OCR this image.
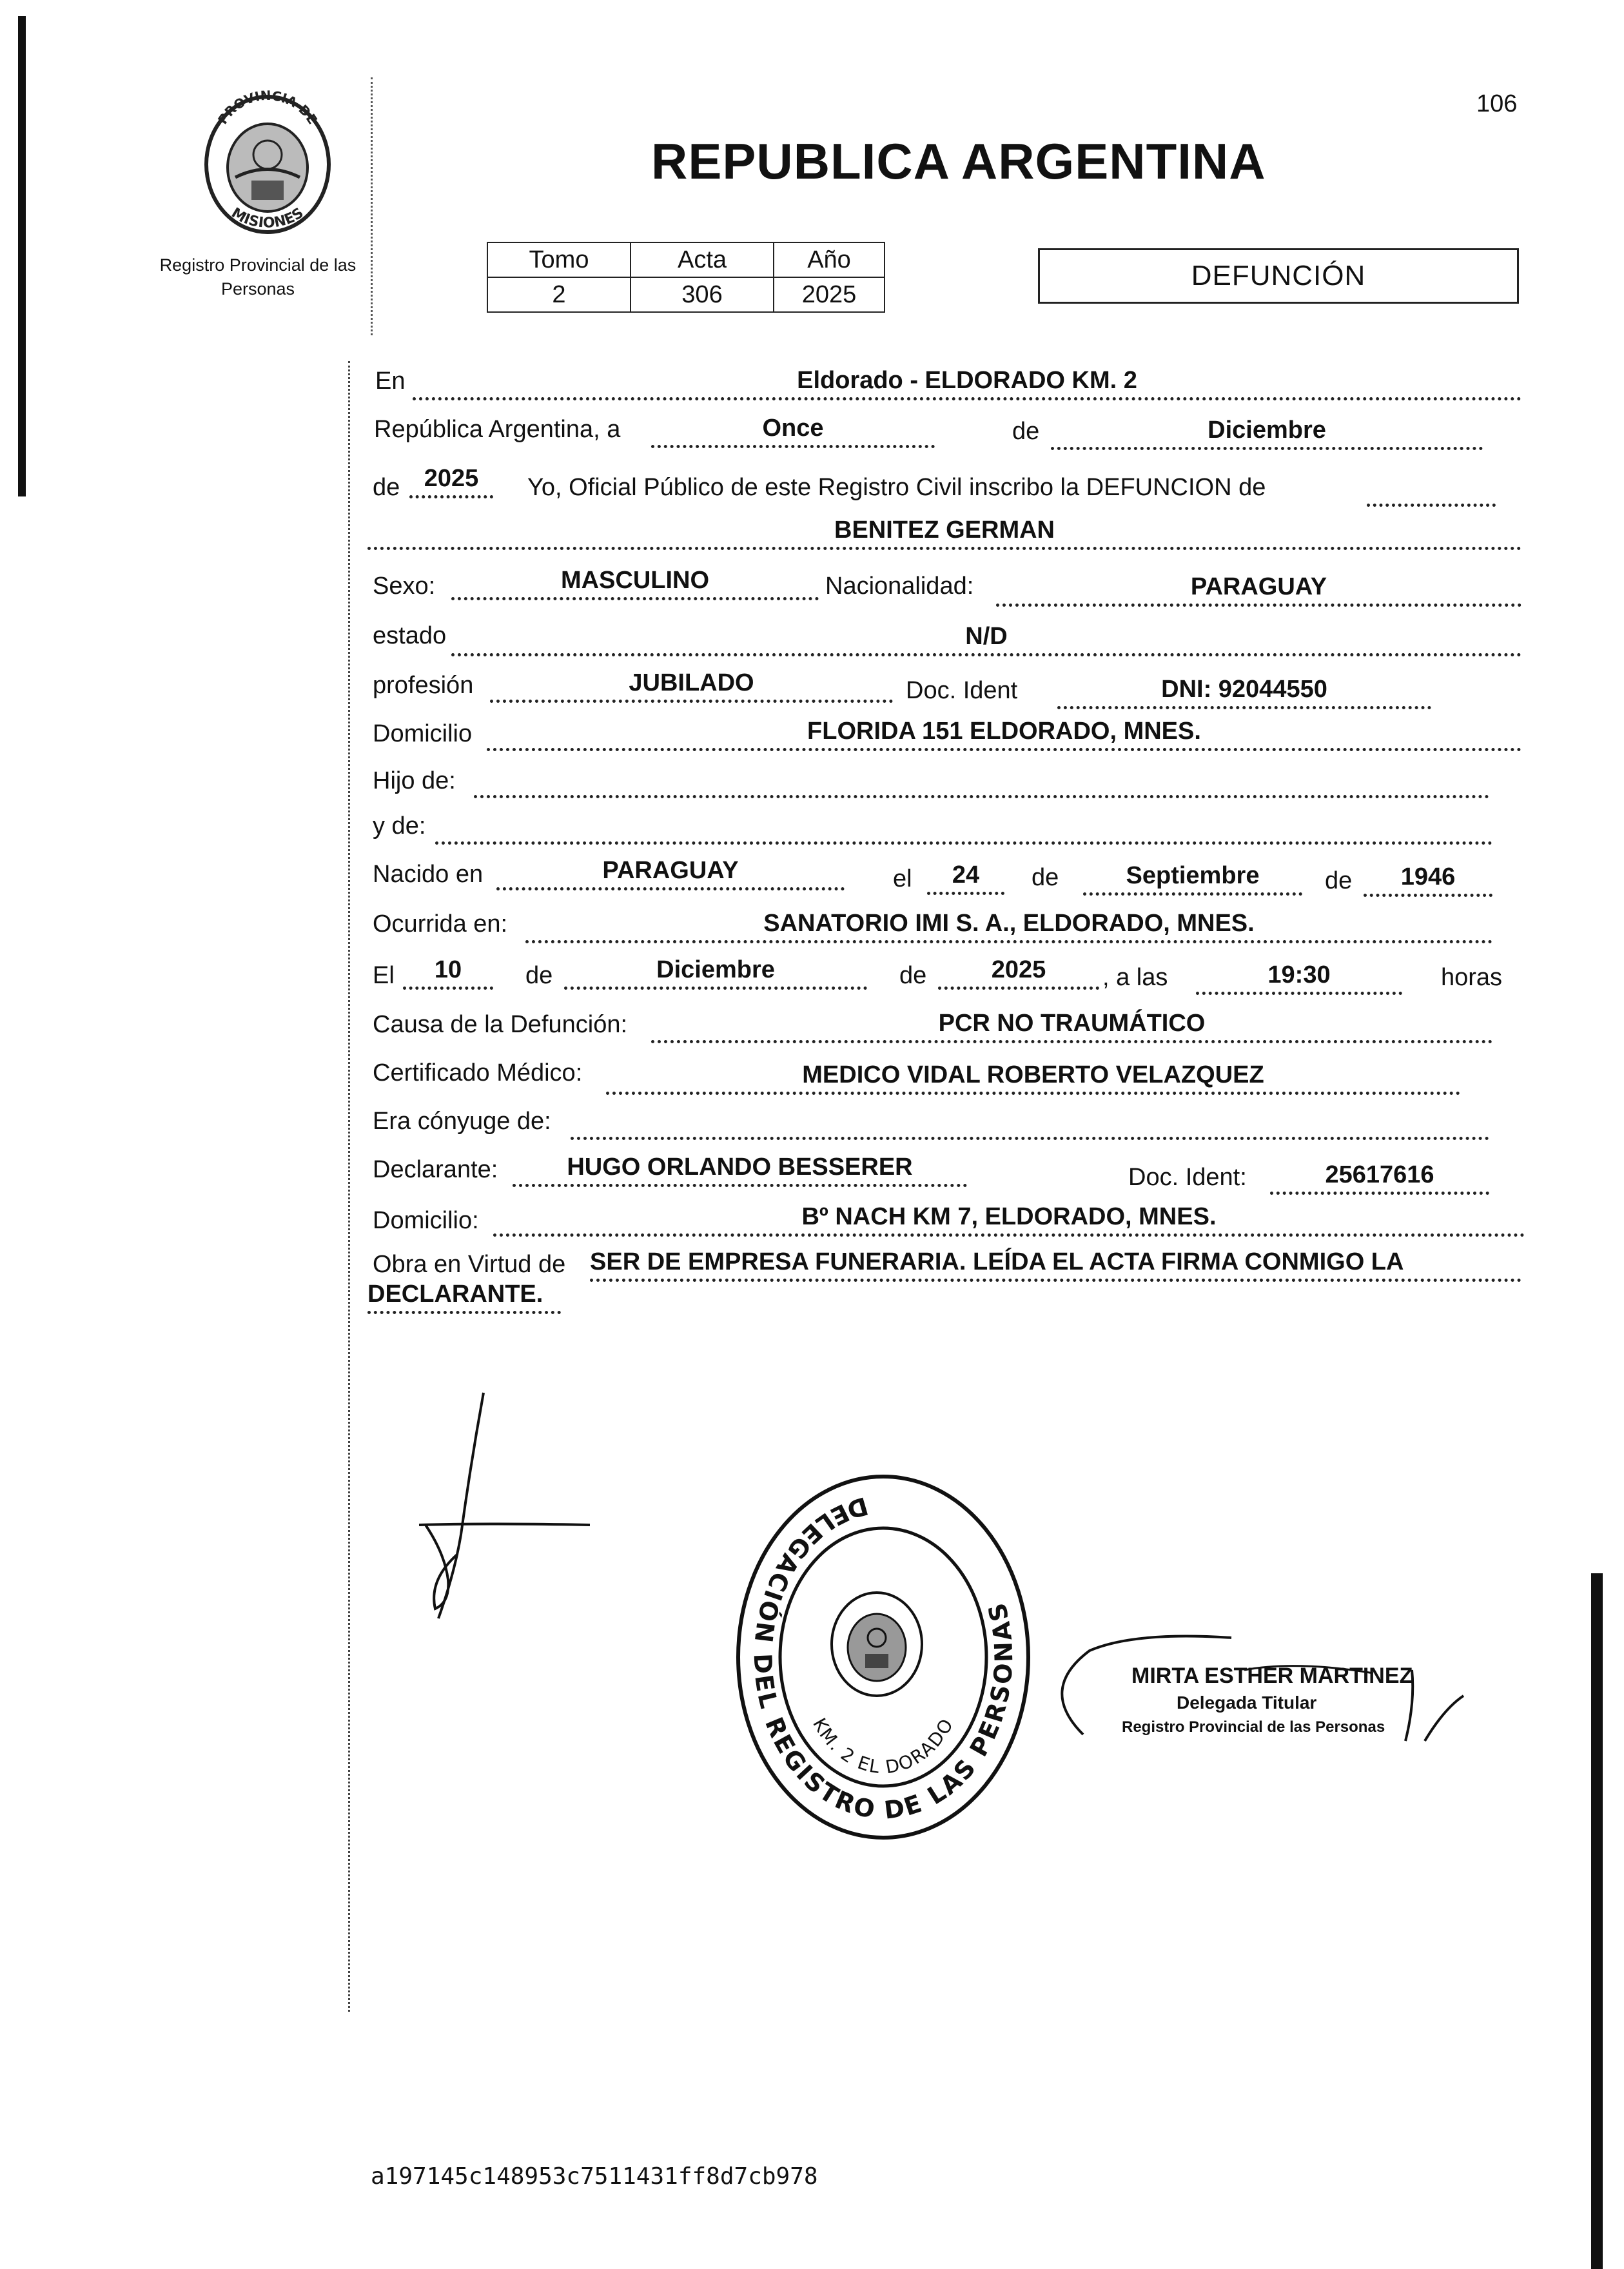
106
PROVINCIA DE
MISIONES
Registro Provincial de las Personas
REPUBLICA ARGENTINA
Tomo	Acta	Año
2	306	2025
DEFUNCIÓN
En	Eldorado - ELDORADO KM. 2
República Argentina, a	Once	de	Diciembre
de 2025	Yo, Oficial Público de este Registro Civil inscribo la DEFUNCION de
BENITEZ GERMAN
Sexo:	MASCULINO	Nacionalidad:	PARAGUAY
estado	N/D
profesión	JUBILADO	Doc. Ident	DNI: 92044550
Domicilio	FLORIDA 151 ELDORADO, MNES.
Hijo de:
y de:
Nacido en	PARAGUAY	el	24	de	Septiembre	de	1946
Ocurrida en:	SANATORIO IMI S. A., ELDORADO, MNES.
El	10	de	Diciembre	de	2025	, a las	19:30	horas
Causa de la Defunción:	PCR NO TRAUMÁTICO
Certificado Médico:	MEDICO VIDAL ROBERTO VELAZQUEZ
Era cónyuge de:
Declarante:	HUGO ORLANDO BESSERER	Doc. Ident:	25617616
Domicilio:	Bº NACH KM 7, ELDORADO, MNES.
Obra en Virtud de SER DE EMPRESA FUNERARIA. LEÍDA EL ACTA FIRMA CONMIGO LA
DECLARANTE.
DELEGACIÓN DEL REGISTRO DE LAS PERSONAS
KM. 2 EL DORADO
MIRTA ESTHER MARTINEZ
Delegada Titular
Registro Provincial de las Personas
a197145c148953c7511431ff8d7cb978
